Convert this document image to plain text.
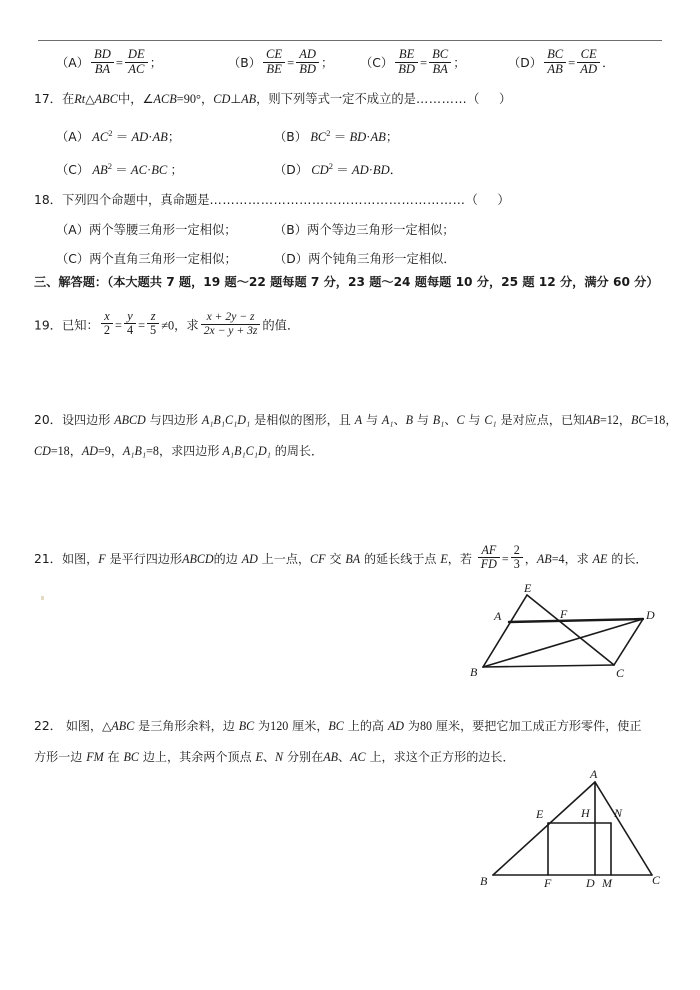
$(A) \frac{BD}{BA} = \frac{DE}{AC}$ ；	$(B) \frac{CE}{BE} = \frac{AD}{BD}$ ； $(C) \frac{BE}{BD} = \frac{BC}{BA}$ ；	$(D) \frac{BC}{AB} = \frac{CE}{AD}$ ．
17．在Rt△ABC中，∠ACB=90°，CD⊥AB，则下列等式一定不成立的是…………（ ）
（A） $AC^2 = AD\cdot AB$；	（B） $BC^2 = BD\cdot AB$；
（C） $AB^2 = AC\cdot BC$ ；	（D） $CD^2 = AD\cdot BD$．
18．下列四个命题中，真命题是……………………………………………………（ ）
（A）两个等腰三角形一定相似；	（B）两个等边三角形一定相似；
（C）两个直角三角形一定相似；	（D）两个钝角三角形一定相似．
三、解答题：（本大题共 7 题，19 题～22 题每题 7 分，23 题～24 题每题 10 分，25 题 12 分，满分 60 分）
19．已知： $\frac{x}{2} = \frac{y}{4} = \frac{z}{5} \ne 0$，求 $\frac{x + 2y - z}{2x - y + 3z}$ 的值．
20．设四边形 ABCD 与四边形 A₁B₁C₁D₁ 是相似的图形，且 A 与 A₁、B 与 B₁、C 与 C₁ 是对应点，已知AB=12，BC=18，
CD=18，AD=9，A₁B₁=8，求四边形 A₁B₁C₁D₁ 的周长．
21．如图，F 是平行四边形ABCD的边 AD 上一点，CF 交 BA 的延长线于点 E，若 $\frac{AF}{FD} = \frac{2}{3}$ ，AB=4，求 AE 的长．
E
A	F	D
B	C
22． 如图，△ABC 是三角形余料，边 BC 为120 厘米，BC 上的高 AD 为80 厘米，要把它加工成正方形零件，使正
方形一边 FM 在 BC 边上，其余两个顶点 E、N 分别在AB、AC 上，求这个正方形的边长．
A
E	H N
B	F	D M	C
